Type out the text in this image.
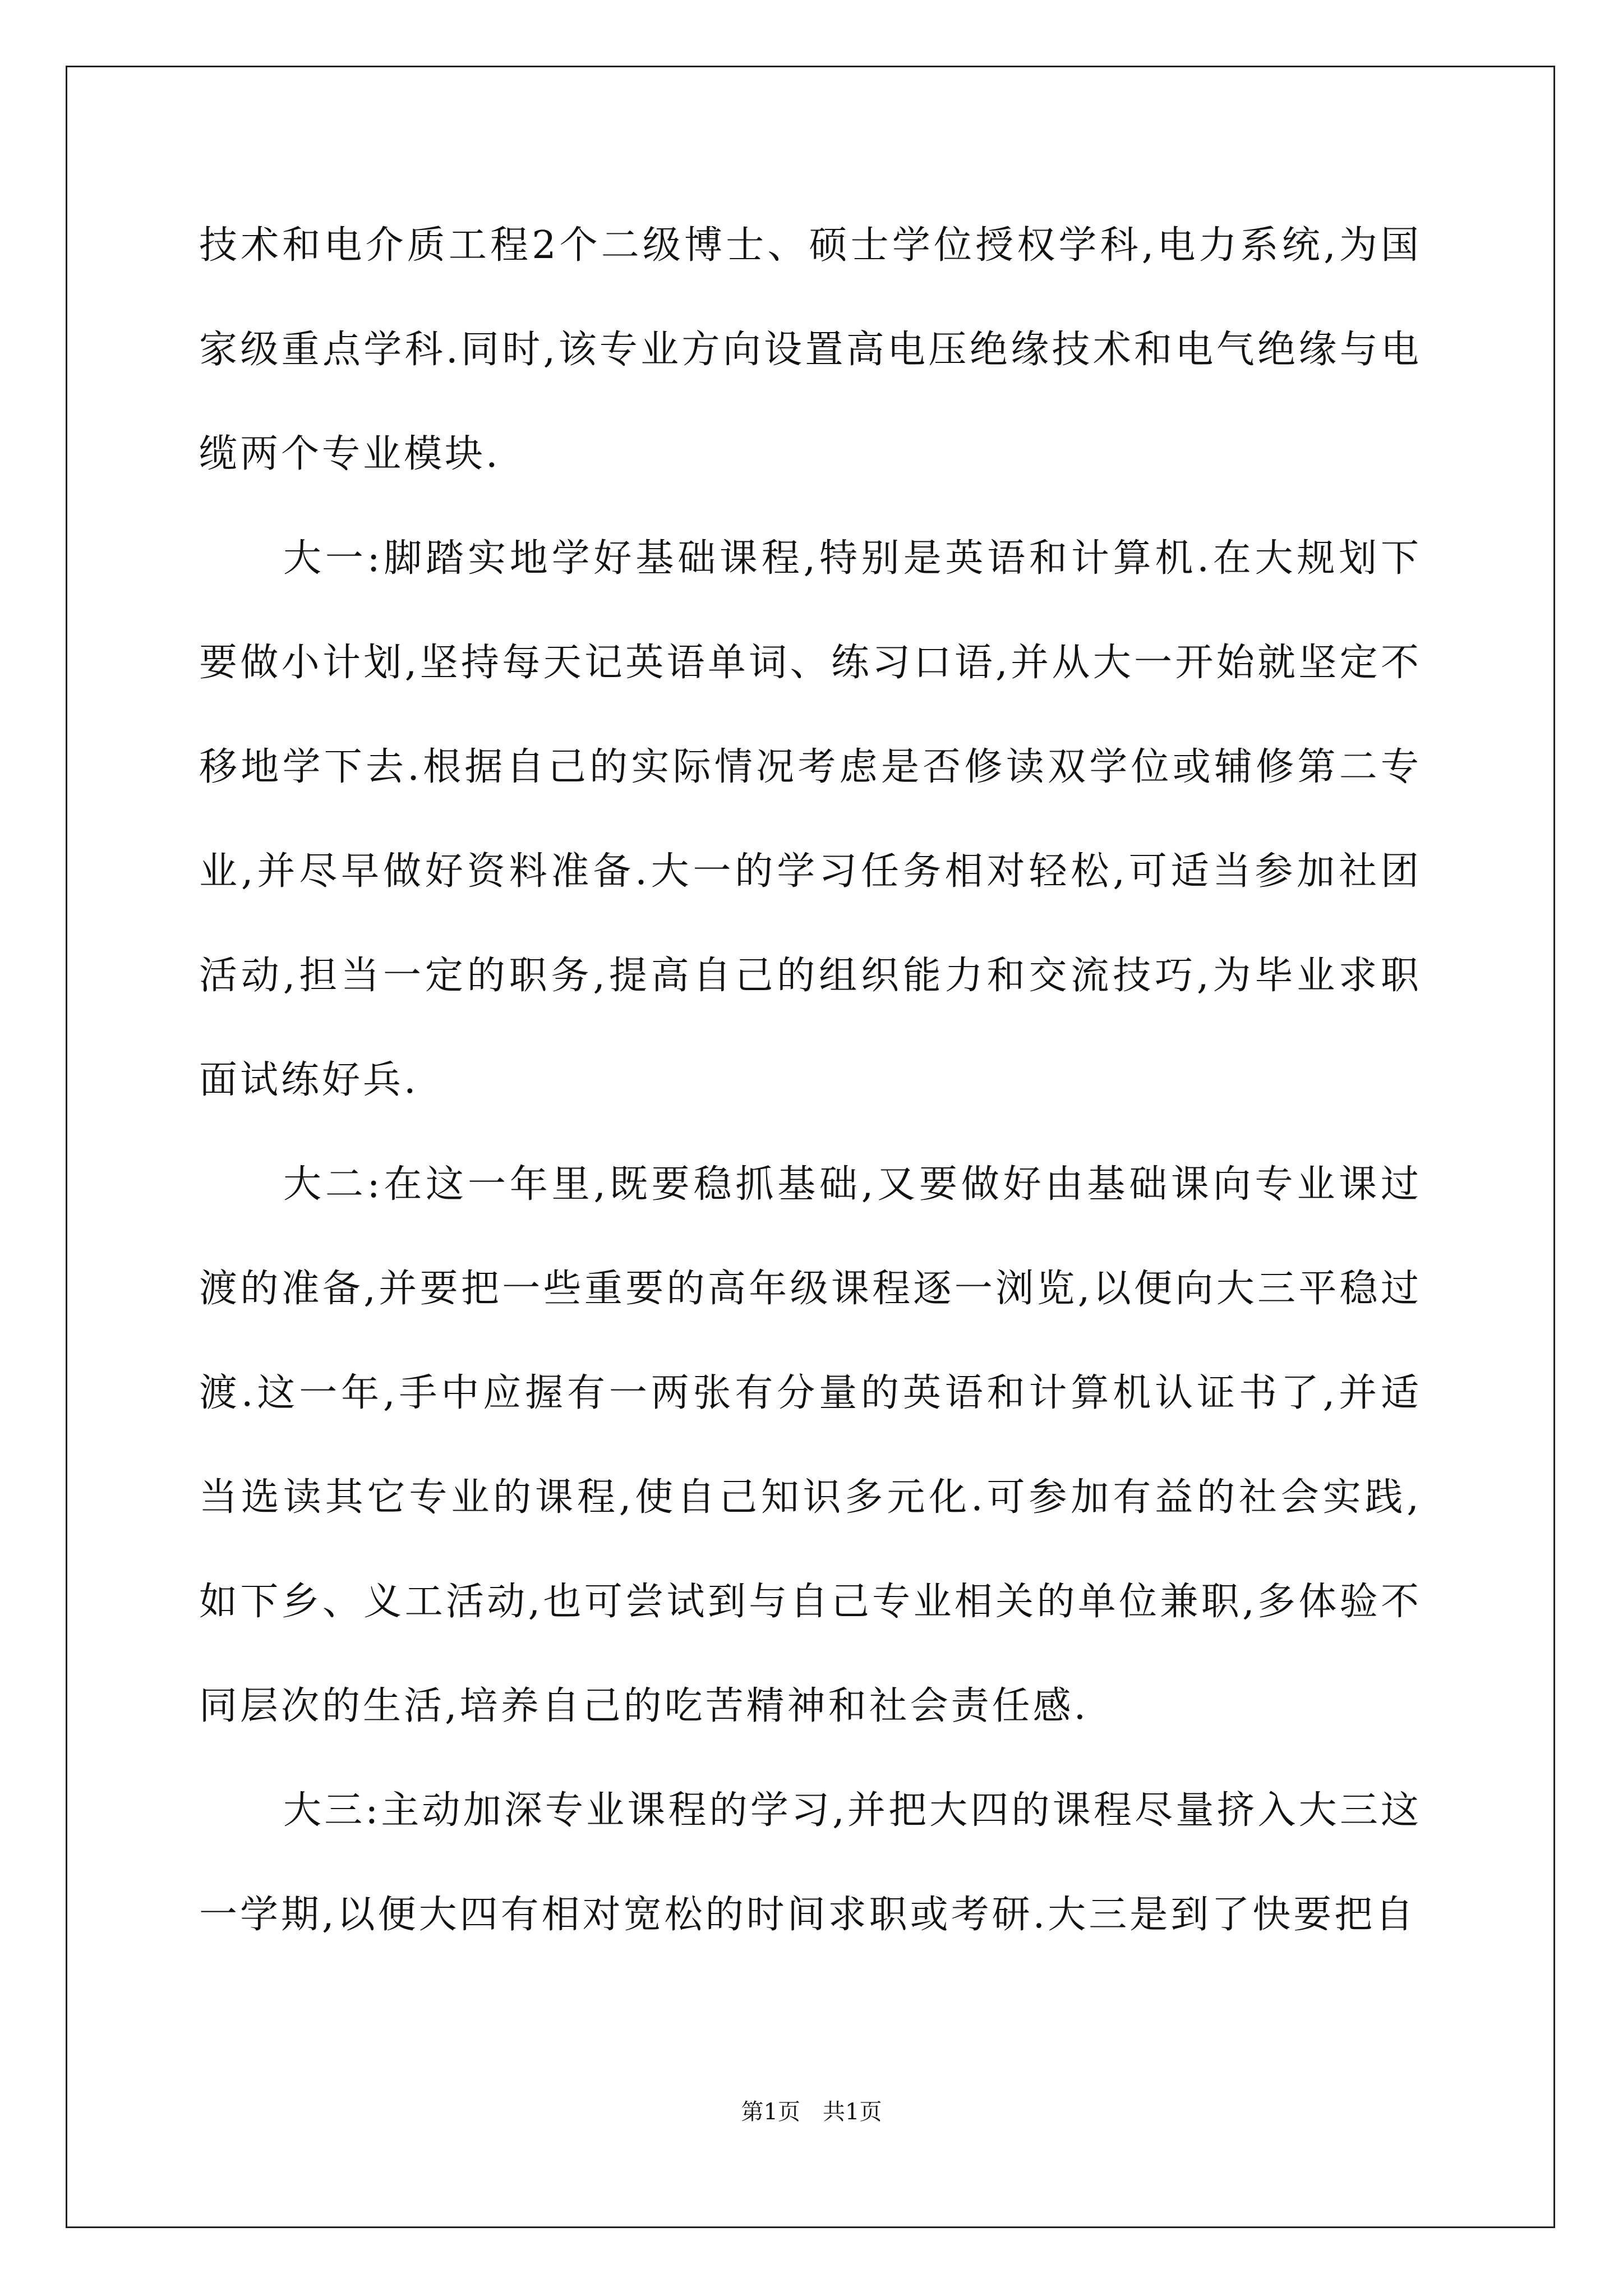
技术和电介质工程2个二级博士、硕士学位授权学科,电力系统,为国家级重点学科.同时,该专业方向设置高电压绝缘技术和电气绝缘与电缆两个专业模块.

大一:脚踏实地学好基础课程,特别是英语和计算机.在大规划下要做小计划,坚持每天记英语单词、练习口语,并从大一开始就坚定不移地学下去.根据自己的实际情况考虑是否修读双学位或辅修第二专业,并尽早做好资料准备.大一的学习任务相对轻松,可适当参加社团活动,担当一定的职务,提高自己的组织能力和交流技巧,为毕业求职面试练好兵.

大二:在这一年里,既要稳抓基础,又要做好由基础课向专业课过渡的准备,并要把一些重要的高年级课程逐一浏览,以便向大三平稳过渡.这一年,手中应握有一两张有分量的英语和计算机认证书了,并适当选读其它专业的课程,使自己知识多元化.可参加有益的社会实践,如下乡、义工活动,也可尝试到与自己专业相关的单位兼职,多体验不同层次的生活,培养自己的吃苦精神和社会责任感.

大三:主动加深专业课程的学习,并把大四的课程尽量挤入大三这一学期,以便大四有相对宽松的时间求职或考研.大三是到了快要把自

第1页　共1页
